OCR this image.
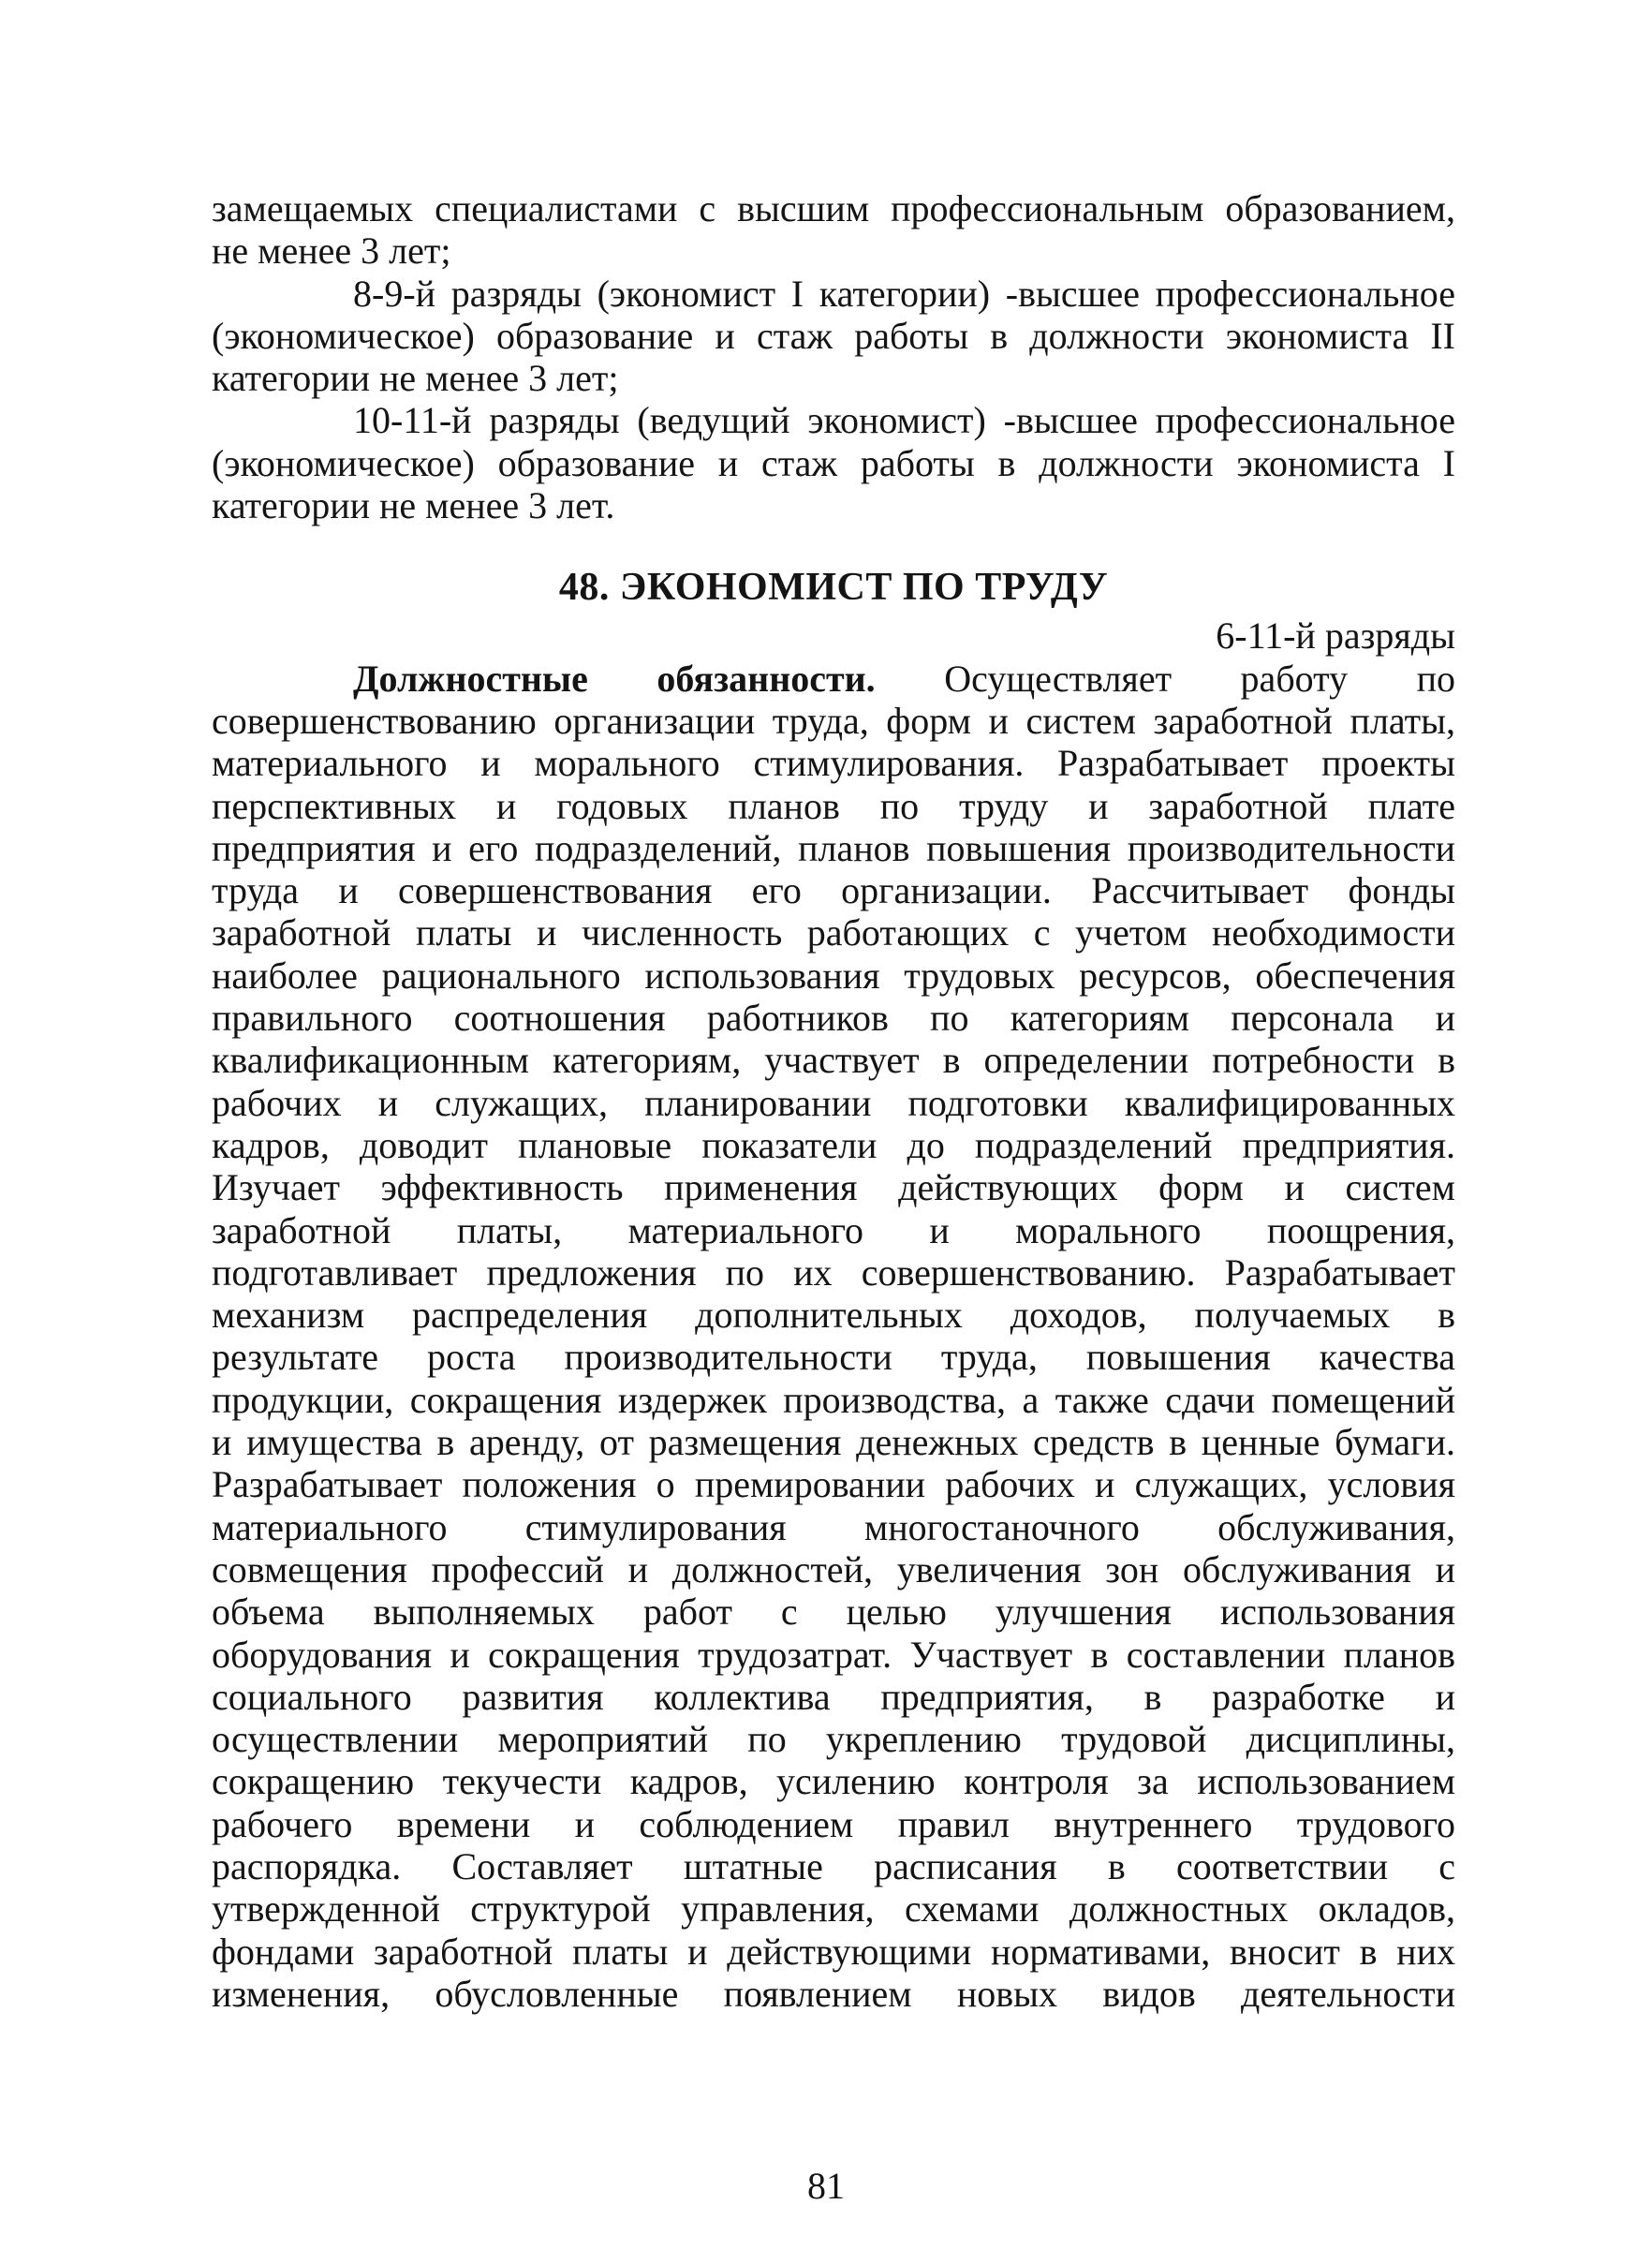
замещаемых специалистами с высшим профессиональным образованием,

не менее 3 лет;

8-9-й разряды (экономист I категории) -высшее профессиональное

(экономическое) образование и стаж работы в должности экономиста II

категории не менее 3 лет;

10-11-й разряды (ведущий экономист) -высшее профессиональное

(экономическое) образование и стаж работы в должности экономиста I

категории не менее 3 лет.

48. ЭКОНОМИСТ ПО ТРУДУ

6-11-й разряды

Должностные обязанности. Осуществляет работу по

совершенствованию организации труда, форм и систем заработной платы,

материального и морального стимулирования. Разрабатывает проекты

перспективных и годовых планов по труду и заработной плате

предприятия и его подразделений, планов повышения производительности

труда и совершенствования его организации. Рассчитывает фонды

заработной платы и численность работающих с учетом необходимости

наиболее рационального использования трудовых ресурсов, обеспечения

правильного соотношения работников по категориям персонала и

квалификационным категориям, участвует в определении потребности в

рабочих и служащих, планировании подготовки квалифицированных

кадров, доводит плановые показатели до подразделений предприятия.

Изучает эффективность применения действующих форм и систем

заработной платы, материального и морального поощрения,

подготавливает предложения по их совершенствованию. Разрабатывает

механизм распределения дополнительных доходов, получаемых в

результате роста производительности труда, повышения качества

продукции, сокращения издержек производства, а также сдачи помещений

и имущества в аренду, от размещения денежных средств в ценные бумаги.

Разрабатывает положения о премировании рабочих и служащих, условия

материального стимулирования многостаночного обслуживания,

совмещения профессий и должностей, увеличения зон обслуживания и

объема выполняемых работ с целью улучшения использования

оборудования и сокращения трудозатрат. Участвует в составлении планов

социального развития коллектива предприятия, в разработке и

осуществлении мероприятий по укреплению трудовой дисциплины,

сокращению текучести кадров, усилению контроля за использованием

рабочего времени и соблюдением правил внутреннего трудового

распорядка. Составляет штатные расписания в соответствии с

утвержденной структурой управления, схемами должностных окладов,

фондами заработной платы и действующими нормативами, вносит в них

изменения, обусловленные появлением новых видов деятельности

81
